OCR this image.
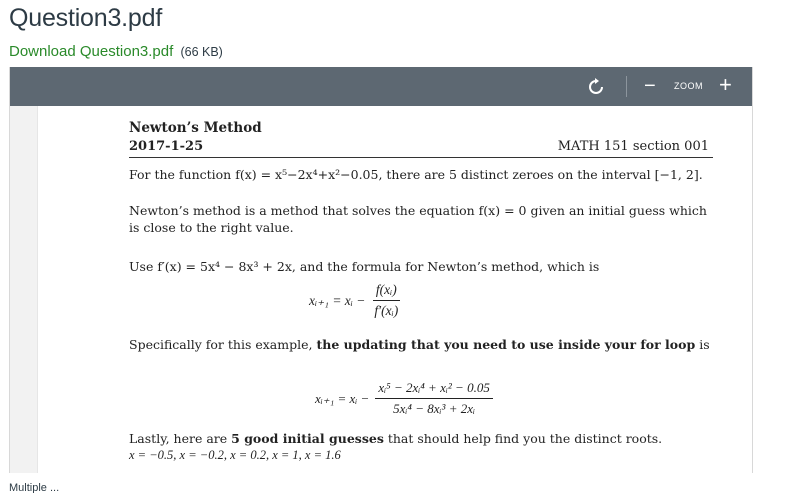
Question3.pdf
Download Question3.pdf (66 KB)
− ZOOM +
Newton’s Method
2017-1-25	MATH 151 section 001
For the function f(x) = x⁵−2x⁴+x²−0.05, there are 5 distinct zeroes on the interval [−1, 2].
Newton’s method is a method that solves the equation f(x) = 0 given an initial guess which is close to the right value.
Use f′(x) = 5x⁴ − 8x³ + 2x, and the formula for Newton’s method, which is
xᵢ₊₁ = xᵢ − $\frac{\text{f(xᵢ)}}{\text{f′(xᵢ)}}$
Specifically for this example, the updating that you need to use inside your for loop is
xᵢ₊₁ = xᵢ − $\frac{\text{xᵢ⁵ − 2xᵢ⁴ + xᵢ² − 0.05}}{\text{5xᵢ⁴ − 8xᵢ³ + 2xᵢ}}$
Lastly, here are 5 good initial guesses that should help find you the distinct roots.
x = −0.5, x = −0.2, x = 0.2, x = 1, x = 1.6
Multiple ...
